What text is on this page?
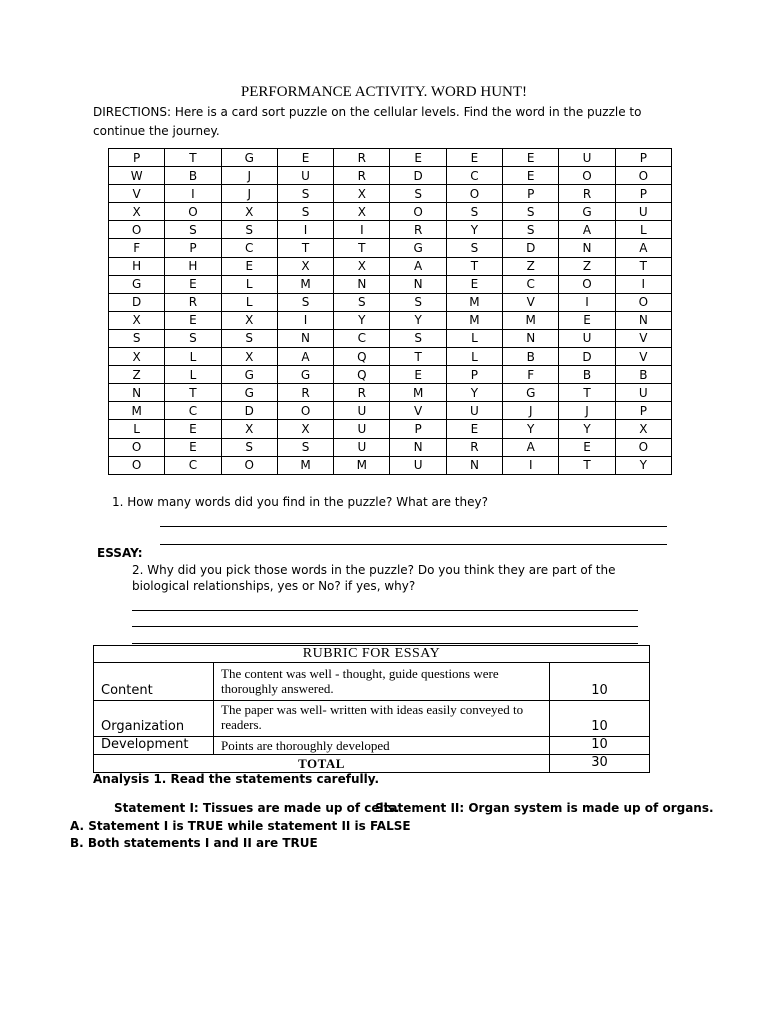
PERFORMANCE ACTIVITY. WORD HUNT!
DIRECTIONS: Here is a card sort puzzle on the cellular levels. Find the word in the puzzle to continue the journey.
P	T	G	E	R	E	E	E	U	P
W	B	J	U	R	D	C	E	O	O
V	I	J	S	X	S	O	P	R	P
X	O	X	S	X	O	S	S	G	U
O	S	S	I	I	R	Y	S	A	L
F	P	C	T	T	G	S	D	N	A
H	H	E	X	X	A	T	Z	Z	T
G	E	L	M	N	N	E	C	O	I
D	R	L	S	S	S	M	V	I	O
X	E	X	I	Y	Y	M	M	E	N
S	S	S	N	C	S	L	N	U	V
X	L	X	A	Q	T	L	B	D	V
Z	L	G	G	Q	E	P	F	B	B
N	T	G	R	R	M	Y	G	T	U
M	C	D	O	U	V	U	J	J	P
L	E	X	X	U	P	E	Y	Y	X
O	E	S	S	U	N	R	A	E	O
O	C	O	M	M	U	N	I	T	Y
1. How many words did you find in the puzzle? What are they?
ESSAY:
2. Why did you pick those words in the puzzle? Do you think they are part of the biological relationships, yes or No? if yes, why?
RUBRIC FOR ESSAY		
Content	The content was well - thought, guide questions were thoroughly answered.	10
Organization	The paper was well- written with ideas easily conveyed to readers.	10
Development	Points are thoroughly developed	10
TOTAL		30
Analysis 1. Read the statements carefully.
Statement I: Tissues are made up of cells.
Statement II: Organ system is made up of organs.
A. Statement I is TRUE while statement II is FALSE
B. Both statements I and II are TRUE
